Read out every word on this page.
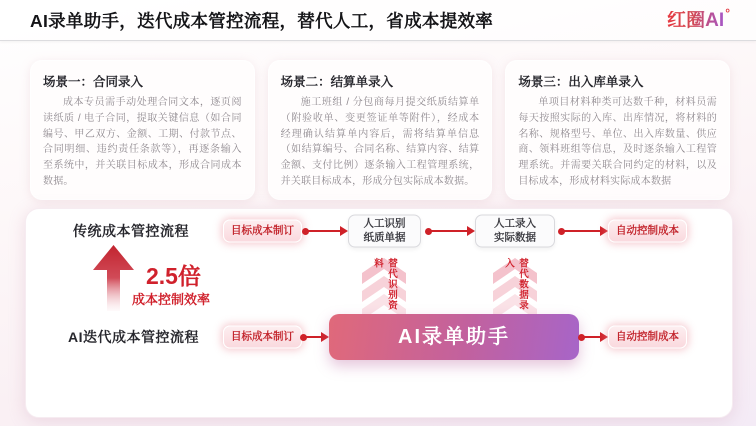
AI录单助手，迭代成本管控流程，替代人工，省成本提效率	红圈AI °
场景一：合同录入

成本专员需手动处理合同文本，逐页阅读纸质 / 电子合同，提取关键信息（如合同编号、甲乙双方、金额、工期、付款节点、合同明细、违约责任条款等），再逐条输入至系统中，并关联目标成本，形成合同成本数据。

场景二：结算单录入

施工班组 / 分包商每月提交纸质结算单（附验收单、变更签证单等附件），经成本经理确认结算单内容后，需将结算单信息（如结算编号、合同名称、结算内容、结算金额、支付比例）逐条输入工程管理系统，并关联目标成本，形成分包实际成本数据。

场景三：出入库单录入

单项目材料种类可达数千种，材料员需每天按照实际的入库、出库情况，将材料的名称、规格型号、单位、出入库数量、供应商、领料班组等信息，及时逐条输入工程管理系统。并需要关联合同约定的材料，以及目标成本，形成材料实际成本数据

传统成本管控流程	目标成本制订
人工识别
纸质单据
人工录入
实际数据
自动控制成本
2.5倍
成本控制效率	替代识别资料	替代数据录入
AI迭代成本管控流程	目标成本制订	AI录单助手	自动控制成本
